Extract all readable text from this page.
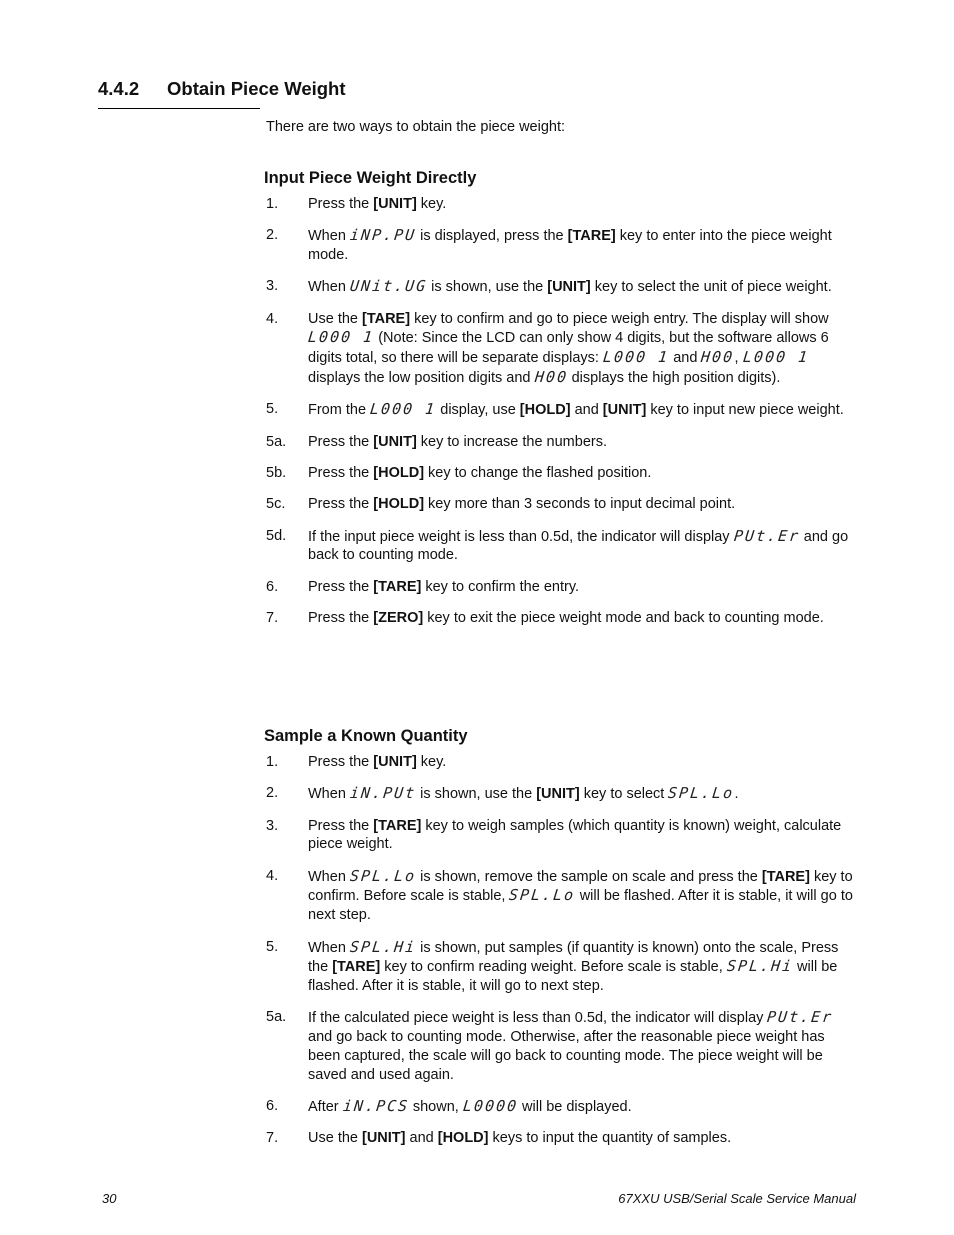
4.4.2 Obtain Piece Weight
There are two ways to obtain the piece weight:
Input Piece Weight Directly
1. Press the [UNIT] key.
2. When iNP.PU is displayed, press the [TARE] key to enter into the piece weight mode.
3. When UNit.UG is shown, use the [UNIT] key to select the unit of piece weight.
4. Use the [TARE] key to confirm and go to piece weigh entry. The display will show L000 1 (Note: Since the LCD can only show 4 digits, but the software allows 6 digits total, so there will be separate displays: L000 1 and H00, L000 1 displays the low position digits and H00 displays the high position digits).
5. From the L000 1 display, use [HOLD] and [UNIT] key to input new piece weight.
5a. Press the [UNIT] key to increase the numbers.
5b. Press the [HOLD] key to change the flashed position.
5c. Press the [HOLD] key more than 3 seconds to input decimal point.
5d. If the input piece weight is less than 0.5d, the indicator will display PUt.Er and go back to counting mode.
6. Press the [TARE] key to confirm the entry.
7. Press the [ZERO] key to exit the piece weight mode and back to counting mode.
Sample a Known Quantity
1. Press the [UNIT] key.
2. When iN.PUt is shown, use the [UNIT] key to select SPL.Lo.
3. Press the [TARE] key to weigh samples (which quantity is known) weight, calculate piece weight.
4. When SPL.Lo is shown, remove the sample on scale and press the [TARE] key to confirm. Before scale is stable, SPL.Lo will be flashed. After it is stable, it will go to next step.
5. When SPL.Hi is shown, put samples (if quantity is known) onto the scale, Press the [TARE] key to confirm reading weight. Before scale is stable, SPL.Hi will be flashed. After it is stable, it will go to next step.
5a. If the calculated piece weight is less than 0.5d, the indicator will display PUt.Er and go back to counting mode. Otherwise, after the reasonable piece weight has been captured, the scale will go back to counting mode. The piece weight will be saved and used again.
6. After iN.PCS shown, L0000 will be displayed.
7. Use the [UNIT] and [HOLD] keys to input the quantity of samples.
30	67XXU USB/Serial Scale Service Manual
